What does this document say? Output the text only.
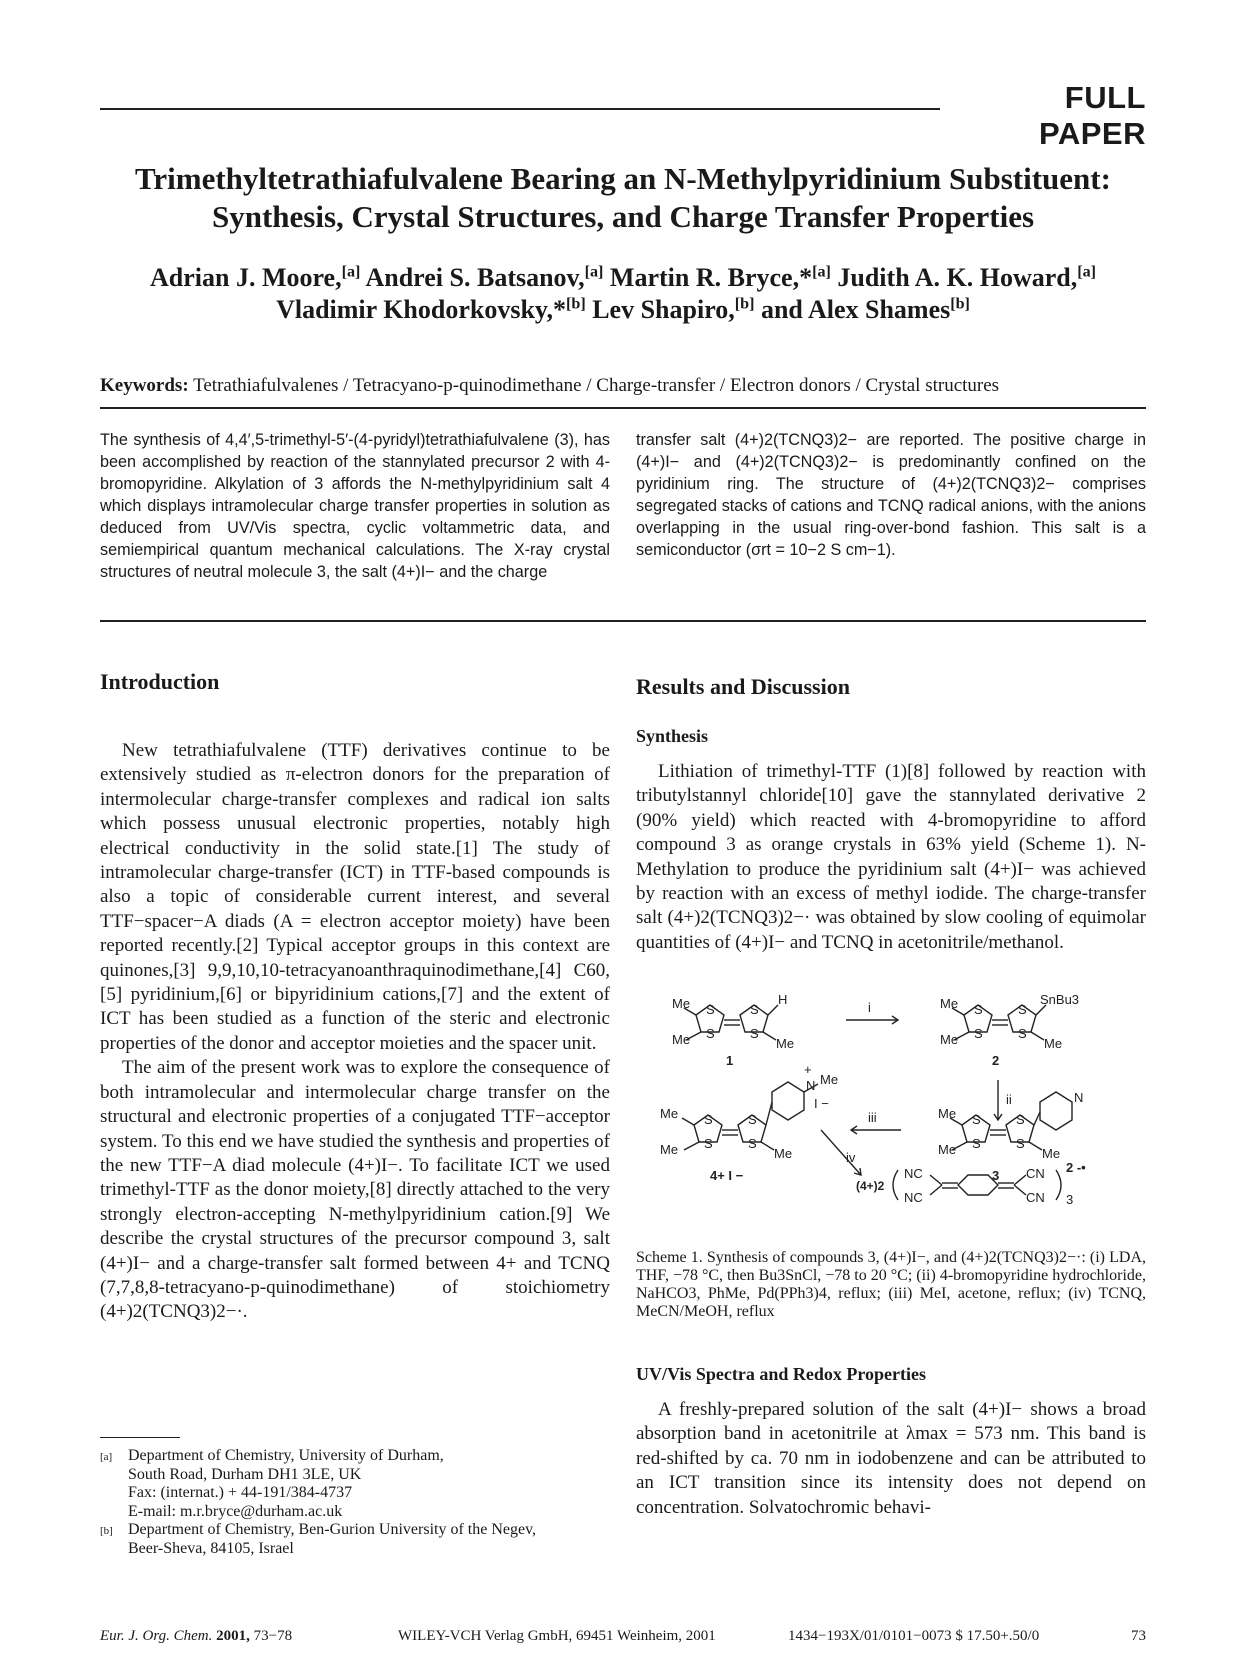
FULL PAPER
Trimethyltetrathiafulvalene Bearing an N-Methylpyridinium Substituent:
Synthesis, Crystal Structures, and Charge Transfer Properties
Adrian J. Moore,[a] Andrei S. Batsanov,[a] Martin R. Bryce,*[a] Judith A. K. Howard,[a]
Vladimir Khodorkovsky,*[b] Lev Shapiro,[b] and Alex Shames[b]
Keywords: Tetrathiafulvalenes / Tetracyano-p-quinodimethane / Charge-transfer / Electron donors / Crystal structures
The synthesis of 4,4′,5-trimethyl-5′-(4-pyridyl)tetrathiafulvalene (3), has been accomplished by reaction of the stannylated precursor 2 with 4-bromopyridine. Alkylation of 3 affords the N-methylpyridinium salt 4 which displays intramolecular charge transfer properties in solution as deduced from UV/Vis spectra, cyclic voltammetric data, and semiempirical quantum mechanical calculations. The X-ray crystal structures of neutral molecule 3, the salt (4+)I− and the charge
transfer salt (4+)2(TCNQ3)2− are reported. The positive charge in (4+)I− and (4+)2(TCNQ3)2− is predominantly confined on the pyridinium ring. The structure of (4+)2(TCNQ3)2− comprises segregated stacks of cations and TCNQ radical anions, with the anions overlapping in the usual ring-over-bond fashion. This salt is a semiconductor (σrt = 10−2 S cm−1).
Introduction

New tetrathiafulvalene (TTF) derivatives continue to be extensively studied as π-electron donors for the preparation of intermolecular charge-transfer complexes and radical ion salts which possess unusual electronic properties, notably high electrical conductivity in the solid state.[1] The study of intramolecular charge-transfer (ICT) in TTF-based compounds is also a topic of considerable current interest, and several TTF−spacer−A diads (A = electron acceptor moiety) have been reported recently.[2] Typical acceptor groups in this context are quinones,[3] 9,9,10,10-tetracyanoanthraquinodimethane,[4] C60,[5] pyridinium,[6] or bipyridinium cations,[7] and the extent of ICT has been studied as a function of the steric and electronic properties of the donor and acceptor moieties and the spacer unit.

The aim of the present work was to explore the consequence of both intramolecular and intermolecular charge transfer on the structural and electronic properties of a conjugated TTF−acceptor system. To this end we have studied the synthesis and properties of the new TTF−A diad molecule (4+)I−. To facilitate ICT we used trimethyl-TTF as the donor moiety,[8] directly attached to the very strongly electron-accepting N-methylpyridinium cation.[9] We describe the crystal structures of the precursor compound 3, salt (4+)I− and a charge-transfer salt formed between 4+ and TCNQ (7,7,8,8-tetracyano-p-quinodimethane) of stoichiometry (4+)2(TCNQ3)2−·.

[a] Department of Chemistry, University of Durham,
South Road, Durham DH1 3LE, UK
Fax: (internat.) + 44-191/384-4737
E-mail: m.r.bryce@durham.ac.uk
[b] Department of Chemistry, Ben-Gurion University of the Negev,
Beer-Sheva, 84105, Israel
Results and Discussion
Synthesis

Lithiation of trimethyl-TTF (1)[8] followed by reaction with tributylstannyl chloride[10] gave the stannylated derivative 2 (90% yield) which reacted with 4-bromopyridine to afford compound 3 as orange crystals in 63% yield (Scheme 1). N-Methylation to produce the pyridinium salt (4+)I− was achieved by reaction with an excess of methyl iodide. The charge-transfer salt (4+)2(TCNQ3)2−· was obtained by slow cooling of equimolar quantities of (4+)I− and TCNQ in acetonitrile/methanol.

Me
Me
S
S
S
S
H
Me
1
i	Me
Me
S
S
S
S
SnBu3
Me
2
ii
Me
Me
S
S
S
S
N
Me
3
iii
Me
Me
S
S
S
S
N
+
Me
I −
Me
4+ I −
iv
(4+)2
NC
NC
CN
CN
2 -•
3
Scheme 1. Synthesis of compounds 3, (4+)I−, and (4+)2(TCNQ3)2−·: (i) LDA, THF, −78 °C, then Bu3SnCl, −78 to 20 °C; (ii) 4-bromopyridine hydrochloride, NaHCO3, PhMe, Pd(PPh3)4, reflux; (iii) MeI, acetone, reflux; (iv) TCNQ, MeCN/MeOH, reflux
UV/Vis Spectra and Redox Properties

A freshly-prepared solution of the salt (4+)I− shows a broad absorption band in acetonitrile at λmax = 573 nm. This band is red-shifted by ca. 70 nm in iodobenzene and can be attributed to an ICT transition since its intensity does not depend on concentration. Solvatochromic behavi-

Eur. J. Org. Chem. 2001, 73−78	WILEY-VCH Verlag GmbH, 69451 Weinheim, 2001	1434−193X/01/0101−0073 $ 17.50+.50/0	73
